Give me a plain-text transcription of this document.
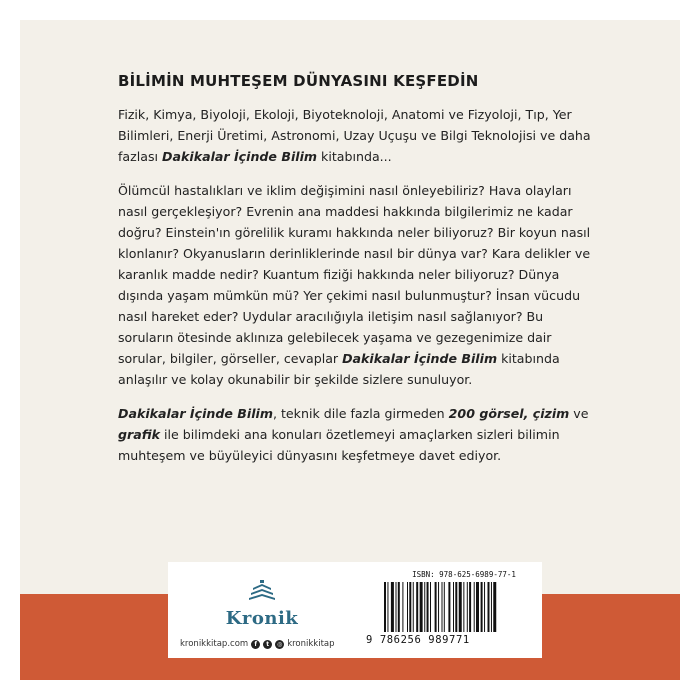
BİLİMİN MUHTEŞEM DÜNYASINI KEŞFEDİN

Fizik, Kimya, Biyoloji, Ekoloji, Biyoteknoloji, Anatomi ve Fizyoloji, Tıp, Yer Bilimleri, Enerji Üretimi, Astronomi, Uzay Uçuşu ve Bilgi Teknolojisi ve daha fazlası Dakikalar İçinde Bilim kitabında...

Ölümcül hastalıkları ve iklim değişimini nasıl önleyebiliriz? Hava olayları nasıl gerçekleşiyor? Evrenin ana maddesi hakkında bilgilerimiz ne kadar doğru? Einstein'ın görelilik kuramı hakkında neler biliyoruz? Bir koyun nasıl klonlanır? Okyanusların derinliklerinde nasıl bir dünya var? Kara delikler ve karanlık madde nedir? Kuantum fiziği hakkında neler biliyoruz? Dünya dışında yaşam mümkün mü? Yer çekimi nasıl bulunmuştur? İnsan vücudu nasıl hareket eder? Uydular aracılığıyla iletişim nasıl sağlanıyor? Bu soruların ötesinde aklınıza gelebilecek yaşama ve gezegenimize dair sorular, bilgiler, görseller, cevaplar Dakikalar İçinde Bilim kitabında anlaşılır ve kolay okunabilir bir şekilde sizlere sunuluyor.

Dakikalar İçinde Bilim, teknik dile fazla girmeden 200 görsel, çizim ve grafik ile bilimdeki ana konuları özetlemeyi amaçlarken sizleri bilimin muhteşem ve büyüleyici dünyasını keşfetmeye davet ediyor.

Kronik
kronikkitap.com	f	t	◎ kronikkitap
ISBN: 978-625-6989-77-1
9 786256 989771
